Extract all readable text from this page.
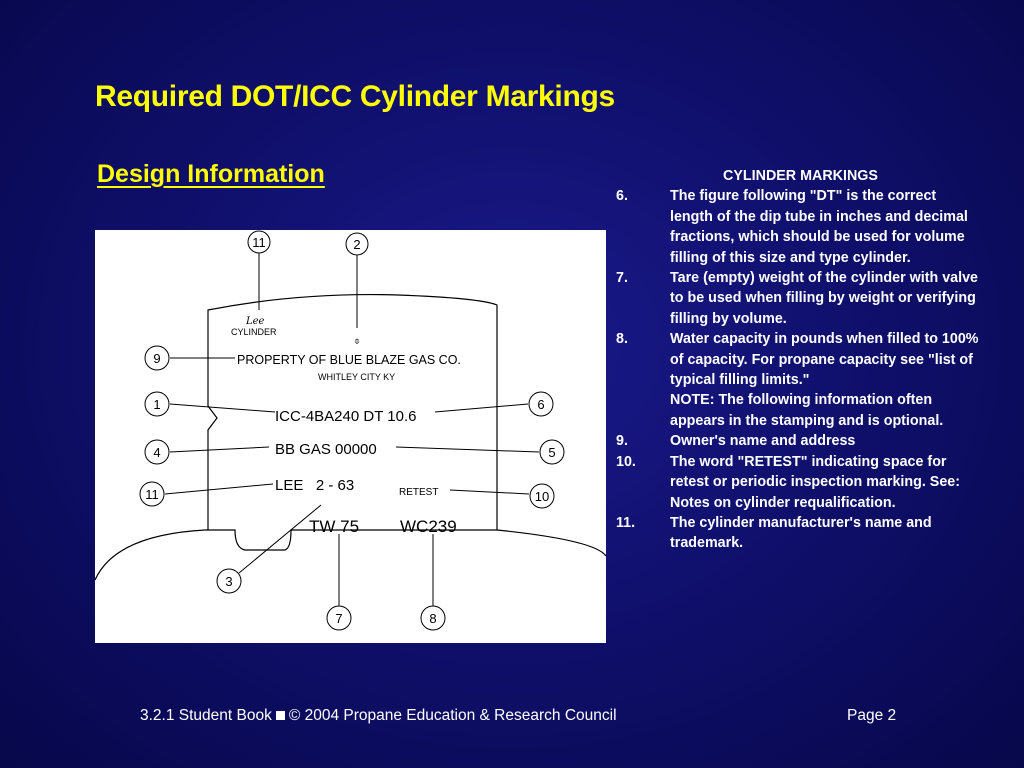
Required DOT/ICC Cylinder Markings
Design Information
Lee
CYLINDER
⌽
PROPERTY OF BLUE BLAZE GAS CO.
WHITLEY CITY KY
ICC-4BA240 DT 10.6
BB GAS 00000
LEE   2 - 63	RETEST
TW 75 WC239
11	2
9
1	6
4	5
11	10
3
7	8
CYLINDER MARKINGS
6.	The figure following "DT" is the correct length of the dip tube in inches and decimal fractions, which should be used for volume filling of this size and type cylinder.
7.	Tare (empty) weight of the cylinder with valve to be used when filling by weight or verifying filling by volume.
8.	Water capacity in pounds when filled to 100% of capacity. For propane capacity see "list of typical filling limits."
NOTE: The following information often appears in the stamping and is optional.
9.	Owner's name and address
10.	The word "RETEST" indicating space for retest or periodic inspection marking. See: Notes on cylinder requalification.
11.	The cylinder manufacturer's name and trademark.
3.2.1 Student Book © 2004 Propane Education & Research Council	Page 2
